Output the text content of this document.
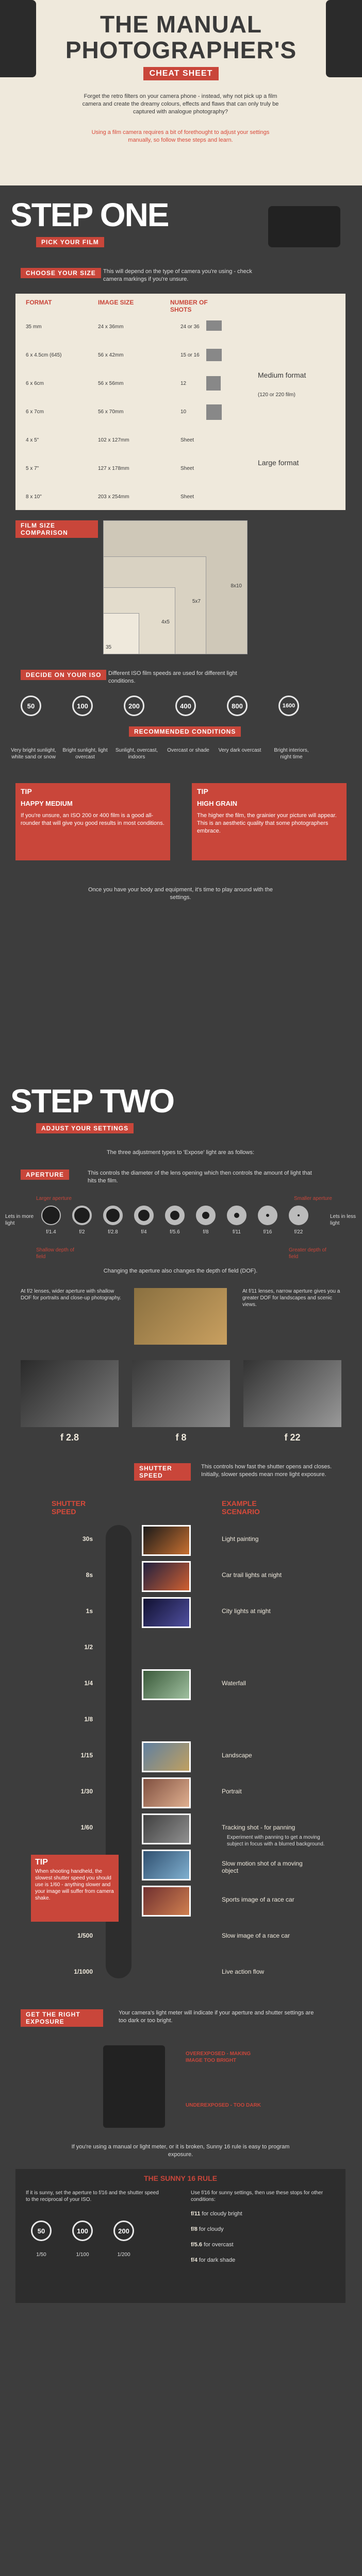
THE MANUAL
PHOTOGRAPHER'S
CHEAT SHEET
Forget the retro filters on your camera phone - instead, why not pick up a film camera and create the dreamy colours, effects and flaws that can only truly be captured with analogue photography?
Using a film camera requires a bit of forethought to adjust your settings manually, so follow these steps and learn.
STEP ONE
PICK YOUR FILM
CHOOSE YOUR SIZE	This will depend on the type of camera you're using - check camera markings if you're unsure.
FORMAT	IMAGE SIZE	NUMBER OF SHOTS
35 mm	24 x 36mm	24 or 36
6 x 4.5cm (645)	56 x 42mm	15 or 16
6 x 6cm	56 x 56mm	12
6 x 7cm	56 x 70mm	10
4 x 5"	102 x 127mm	Sheet
5 x 7"	127 x 178mm	Sheet
8 x 10"	203 x 254mm	Sheet
Medium format
(120 or 220 film)
Large format
FILM SIZE COMPARISON
8x10
5x7
4x5
35
DECIDE ON YOUR ISO	Different ISO film speeds are used for different light conditions.
50	100	200	400	800	1600
RECOMMENDED CONDITIONS
Very bright sunlight, white sand or snow
Bright sunlight, light overcast
Sunlight, overcast, indoors
Overcast or shade	Very dark overcast	Bright interiors, night time
TIP
HAPPY MEDIUM
If you're unsure, an ISO 200 or 400 film is a good all-rounder that will give you good results in most conditions.
TIP
HIGH GRAIN
The higher the film, the grainier your picture will appear. This is an aesthetic quality that some photographers embrace.
Once you have your body and equipment, it's time to play around with the settings.
STEP TWO
ADJUST YOUR SETTINGS
The three adjustment types to 'Expose' light are as follows:
APERTURE	This controls the diameter of the lens opening which then controls the amount of light that hits the film.
Larger aperture	Smaller aperture
Lets in more light
Lets in less light
f/1.4	f/2	f/2.8	f/4	f/5.6	f/8	f/11	f/16	f/22
Shallow depth of field
Greater depth of field
Changing the aperture also changes the depth of field (DOF).
At f/2 lenses, wider aperture with shallow DOF for portraits and close-up photography.
At f/11 lenses, narrow aperture gives you a greater DOF for landscapes and scenic views.
f 2.8	f 8	f 22
SHUTTER SPEED
This controls how fast the shutter opens and closes. Initially, slower speeds mean more light exposure.
SHUTTER SPEED
EXAMPLE SCENARIO
30s	Light painting
8s	Car trail lights at night
1s	City lights at night
1/2
1/4	Waterfall
1/8
1/15	Landscape
1/30	Portrait
1/60	Tracking shot - for panning
Slow motion shot of a moving object
Sports image of a race car
1/500	Slow image of a race car
1/1000	Live action flow
TIP
When shooting handheld, the slowest shutter speed you should use is 1/60 - anything slower and your image will suffer from camera shake.
Experiment with panning to get a moving subject in focus with a blurred background.
GET THE RIGHT EXPOSURE
Your camera's light meter will indicate if your aperture and shutter settings are too dark or too bright.
OVEREXPOSED - MAKING IMAGE TOO BRIGHT
UNDEREXPOSED - TOO DARK
If you're using a manual or light meter, or it is broken, Sunny 16 rule is easy to program exposure.
THE SUNNY 16 RULE
If it is sunny, set the aperture to f/16 and the shutter speed to the reciprocal of your ISO.
50	100	200
1/50	1/100	1/200
Use f/16 for sunny settings, then use these stops for other conditions:
f/11 for cloudy bright
f/8 for cloudy
f/5.6 for overcast
f/4 for dark shade
